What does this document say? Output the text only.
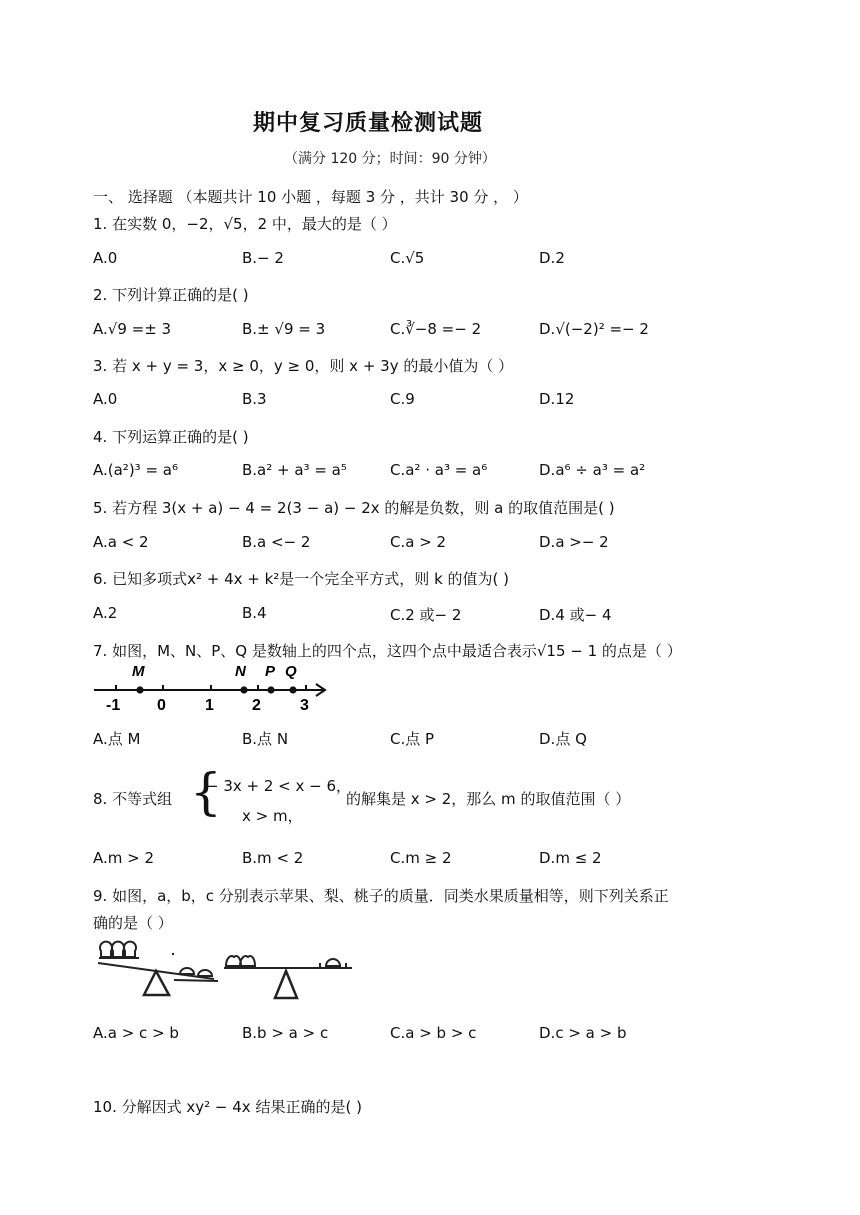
期中复习质量检测试题
（满分 120 分；时间：90 分钟）
一、 选择题 （本题共计 10 小题 ，每题 3 分 ，共计 30 分 ， ）
1. 在实数 0，−2，√5，2 中，最大的是（ ）
A.0	B.− 2	C.√5	D.2
2. 下列计算正确的是( )
A.√9 =± 3	B.± √9 = 3	C.∛−8 =− 2	D.√(−2)² =− 2
3. 若 x + y = 3，x ≥ 0，y ≥ 0，则 x + 3y 的最小值为（ ）
A.0	B.3	C.9	D.12
4. 下列运算正确的是( )
A.(a²)³ = a⁶	B.a² + a³ = a⁵	C.a² · a³ = a⁶	D.a⁶ ÷ a³ = a²
5. 若方程 3(x + a) − 4 = 2(3 − a) − 2x 的解是负数，则 a 的取值范围是( )
A.a < 2	B.a <− 2	C.a > 2	D.a >− 2
6. 已知多项式x² + 4x + k²是一个完全平方式，则 k 的值为( )
A.2	B.4	C.2 或− 2	D.4 或− 4
7. 如图，M、N、P、Q 是数轴上的四个点，这四个点中最适合表示√15 − 1 的点是（ ）
M	N P Q
-1 0 1 2 3
A.点 M	B.点 N	C.点 P	D.点 Q
8. 不等式组 {
− 3x + 2 < x − 6，
x > m，
的解集是 x > 2，那么 m 的取值范围（ ）
A.m > 2	B.m < 2	C.m ≥ 2	D.m ≤ 2
9. 如图，a，b，c 分别表示苹果、梨、桃子的质量．同类水果质量相等，则下列关系正
确的是（ ）
A.a > c > b	B.b > a > c	C.a > b > c	D.c > a > b
10. 分解因式 xy² − 4x 结果正确的是( )
